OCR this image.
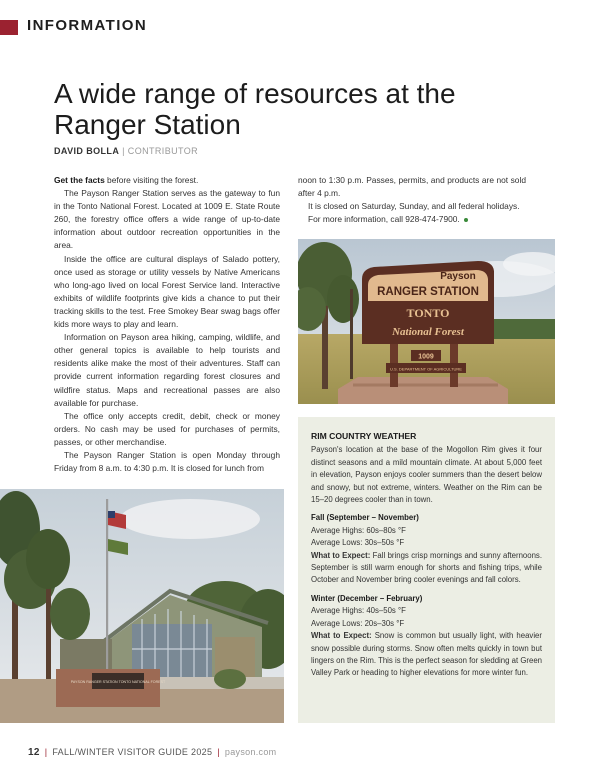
INFORMATION
A wide range of resources at the Ranger Station
DAVID BOLLA | CONTRIBUTOR

Get the facts before visiting the forest.

The Payson Ranger Station serves as the gateway to fun in the Tonto National Forest. Located at 1009 E. State Route 260, the forestry office offers a wide range of up-to-date information about outdoor recreation opportunities in the area.

Inside the office are cultural displays of Salado pottery, once used as storage or utility vessels by Native Americans who long-ago lived on local Forest Service land. Interactive exhibits of wildlife footprints give kids a chance to put their tracking skills to the test. Free Smokey Bear swag bags offer kids more ways to play and learn.

Information on Payson area hiking, camping, wildlife, and other general topics is available to help tourists and residents alike make the most of their adventures. Staff can provide current information regarding forest closures and wildfire status. Maps and recreational passes are also available for purchase.

The office only accepts credit, debit, check or money orders. No cash may be used for purchases of permits, passes, or other merchandise.

The Payson Ranger Station is open Monday through Friday from 8 a.m. to 4:30 p.m. It is closed for lunch from

noon to 1:30 p.m. Passes, permits, and products are not sold after 4 p.m.

It is closed on Saturday, Sunday, and all federal holidays.

For more information, call 928-474-7900.

Payson
RANGER STATION
TONTO
National Forest
1009
U.S. DEPARTMENT OF AGRICULTURE
PAYSON RANGER STATION TONTO NATIONAL FOREST
RIM COUNTRY WEATHER

Payson's location at the base of the Mogollon Rim gives it four distinct seasons and a mild mountain climate. At about 5,000 feet in elevation, Payson enjoys cooler summers than the desert below and snowy, but not extreme, winters. Weather on the Rim can be 15–20 degrees cooler than in town.

Fall (September – November)

Average Highs: 60s–80s °F

Average Lows: 30s–50s °F

What to Expect: Fall brings crisp mornings and sunny afternoons. September is still warm enough for shorts and fishing trips, while October and November bring cooler evenings and fall colors.

Winter (December – February)

Average Highs: 40s–50s °F

Average Lows: 20s–30s °F

What to Expect: Snow is common but usually light, with heavier snow possible during storms. Snow often melts quickly in town but lingers on the Rim. This is the perfect season for sledding at Green Valley Park or heading to higher elevations for more winter fun.

12 | FALL/WINTER VISITOR GUIDE 2025 | payson.com
